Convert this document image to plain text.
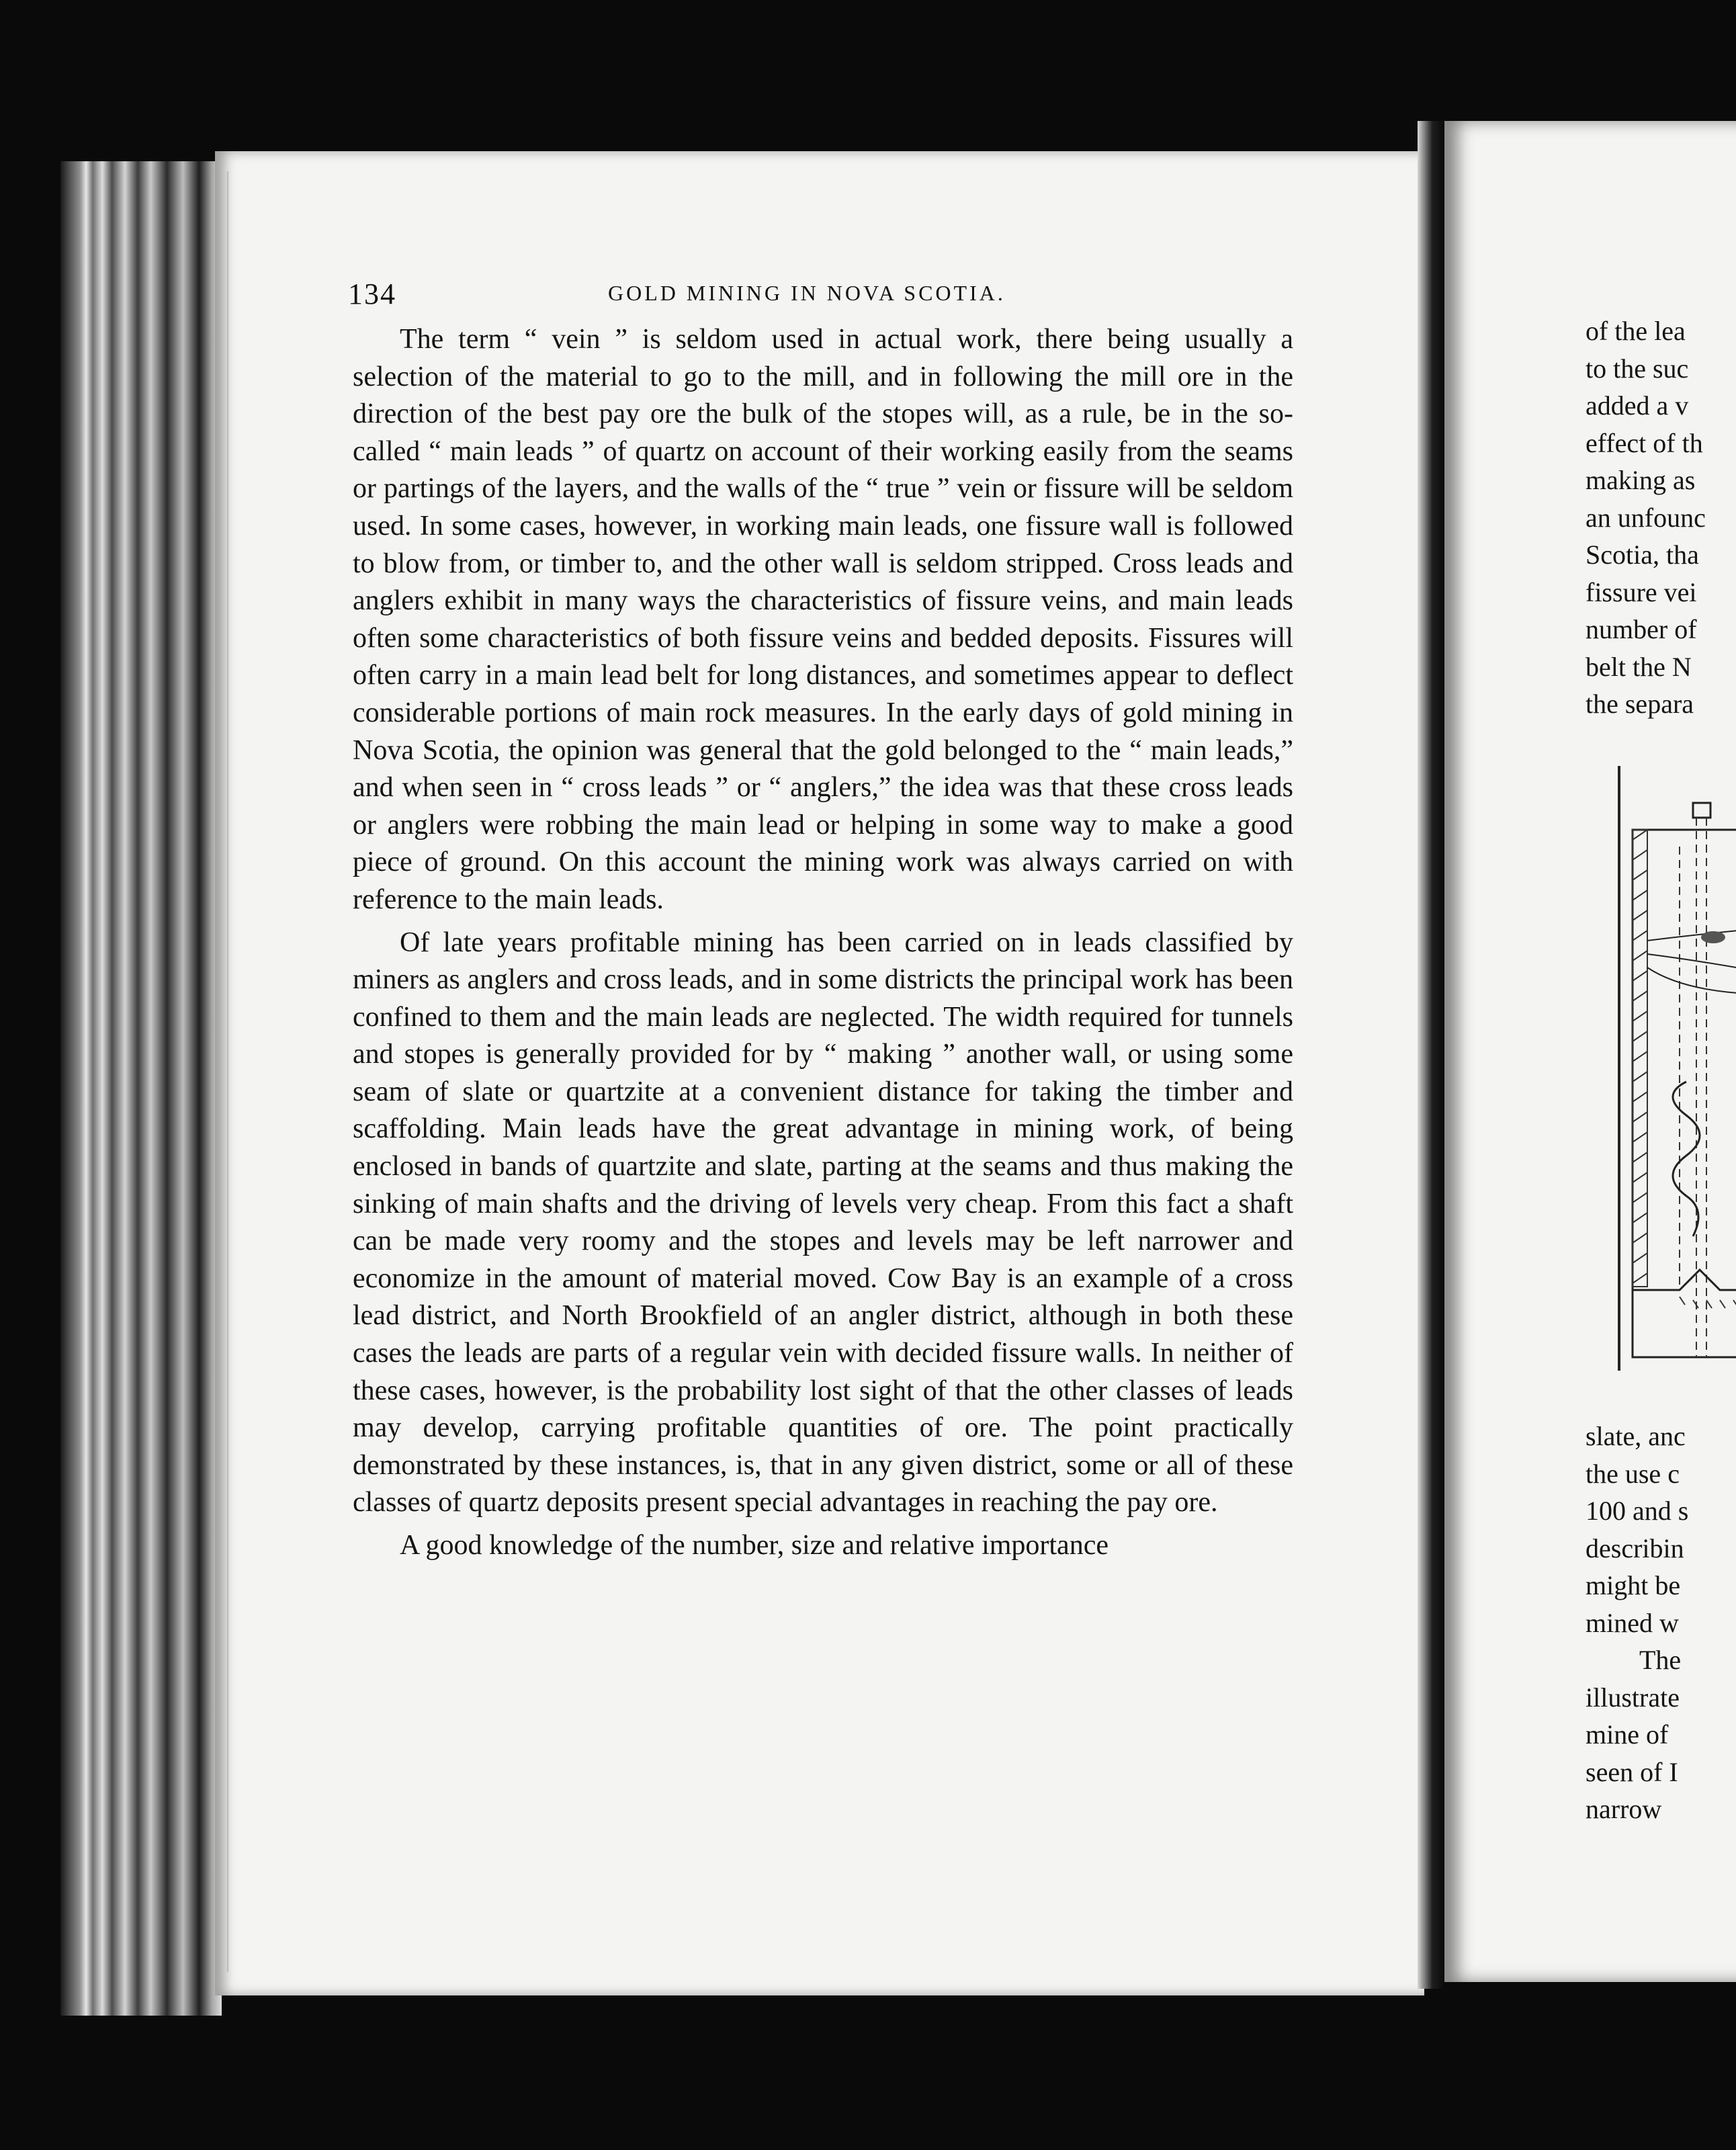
134	GOLD MINING IN NOVA SCOTIA.

The term “ vein ” is seldom used in actual work, there being usually a selection of the material to go to the mill, and in following the mill ore in the direction of the best pay ore the bulk of the stopes will, as a rule, be in the so-called “ main leads ” of quartz on account of their working easily from the seams or partings of the layers, and the walls of the “ true ” vein or fissure will be seldom used. In some cases, however, in working main leads, one fissure wall is followed to blow from, or timber to, and the other wall is seldom stripped. Cross leads and anglers exhibit in many ways the characteristics of fissure veins, and main leads often some characteristics of both fissure veins and bedded deposits. Fissures will often carry in a main lead belt for long distances, and sometimes appear to deflect considerable portions of main rock measures. In the early days of gold mining in Nova Scotia, the opinion was general that the gold belonged to the “ main leads,” and when seen in “ cross leads ” or “ anglers,” the idea was that these cross leads or anglers were robbing the main lead or helping in some way to make a good piece of ground. On this account the mining work was always carried on with reference to the main leads.

Of late years profitable mining has been carried on in leads classified by miners as anglers and cross leads, and in some districts the principal work has been confined to them and the main leads are neglected. The width required for tunnels and stopes is generally provided for by “ making ” another wall, or using some seam of slate or quartzite at a convenient distance for taking the timber and scaffolding. Main leads have the great advantage in mining work, of being enclosed in bands of quartzite and slate, parting at the seams and thus making the sinking of main shafts and the driving of levels very cheap. From this fact a shaft can be made very roomy and the stopes and levels may be left narrower and economize in the amount of material moved. Cow Bay is an example of a cross lead district, and North Brookfield of an angler district, although in both these cases the leads are parts of a regular vein with decided fissure walls. In neither of these cases, however, is the probability lost sight of that the other classes of leads may develop, carrying profitable quantities of ore. The point practically demonstrated by these instances, is, that in any given district, some or all of these classes of quartz deposits present special advantages in reaching the pay ore.

A good knowledge of the number, size and relative importance

of the lea
to the suc
added a v
effect of th
making as
an unfounc
Scotia, tha
fissure vei
number of
belt the N
the separa
slate, anc
the use c
100 and s
describin
might be
mined w
The
illustrate
mine of
seen of I
narrow
